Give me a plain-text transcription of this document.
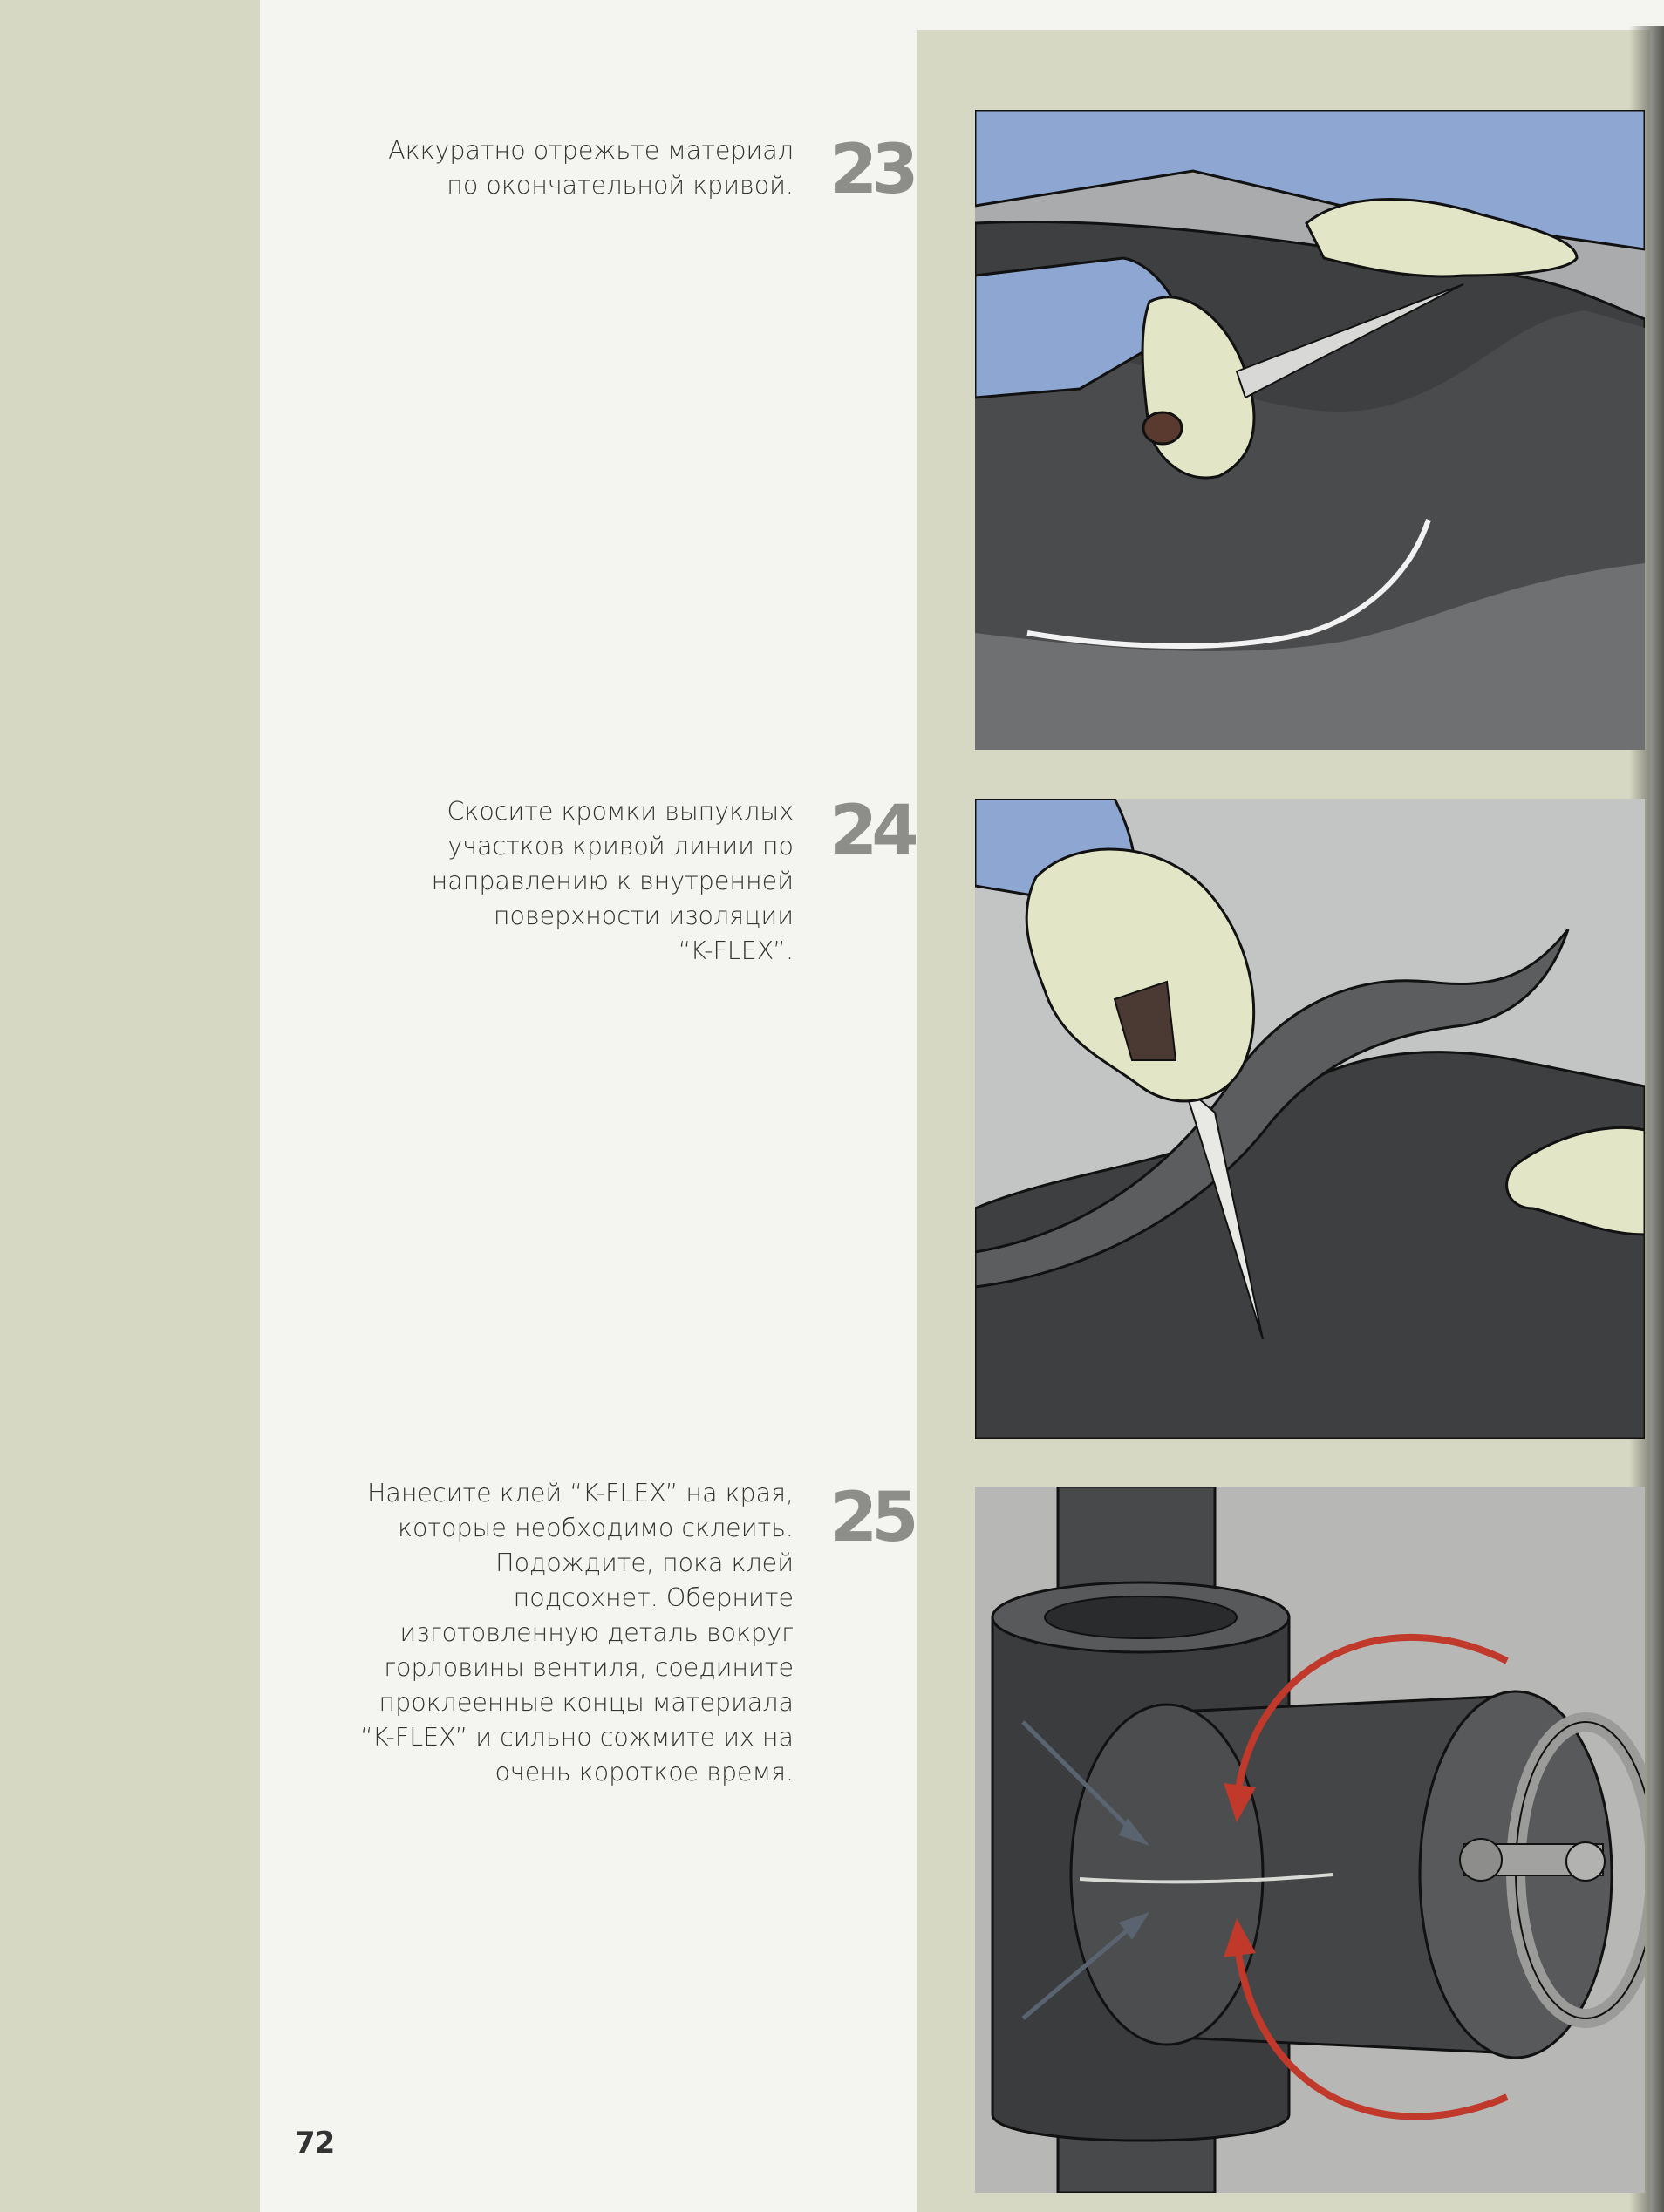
Аккуратно отрежьте материал
по окончательной кривой. 23
Скосите кромки выпуклых
участков кривой линии по
направлению к внутренней
поверхности изоляции
“K-FLEX”.
24
Нанесите клей “K-FLEX” на края,
которые необходимо склеить.
Подождите, пока клей
подсохнет. Оберните
изготовленную деталь вокруг
горловины вентиля, соедините
проклеенные концы материала
“K-FLEX” и сильно сожмите их на
очень короткое время.
25
72
